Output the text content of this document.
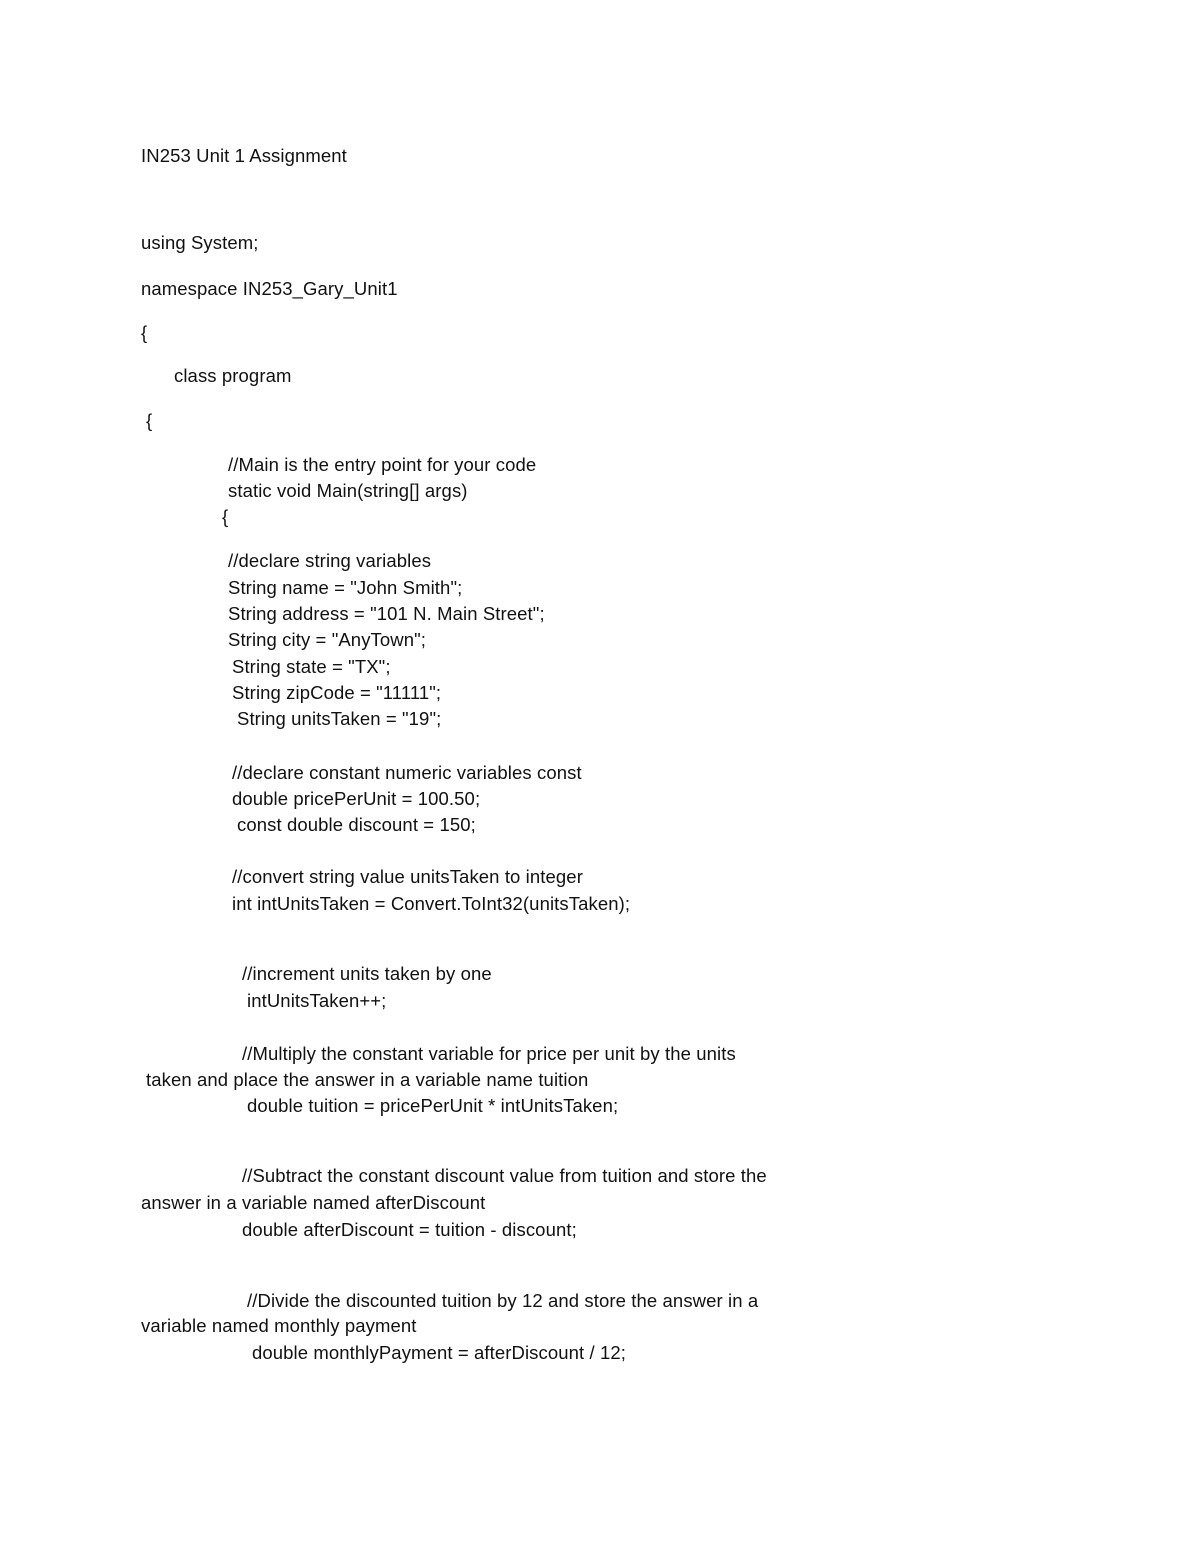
IN253 Unit 1 Assignment
using System;
namespace IN253_Gary_Unit1
{
class program
{
//Main is the entry point for your code
static void Main(string[] args)
{
//declare string variables
String name = "John Smith";
String address = "101 N. Main Street";
String city = "AnyTown";
String state = "TX";
String zipCode = "11111";
String unitsTaken = "19";
//declare constant numeric variables const
double pricePerUnit = 100.50;
const double discount = 150;
//convert string value unitsTaken to integer
int intUnitsTaken = Convert.ToInt32(unitsTaken);
//increment units taken by one
intUnitsTaken++;
//Multiply the constant variable for price per unit by the units
taken and place the answer in a variable name tuition
double tuition = pricePerUnit * intUnitsTaken;
//Subtract the constant discount value from tuition and store the
answer in a variable named afterDiscount
double afterDiscount = tuition - discount;
//Divide the discounted tuition by 12 and store the answer in a
variable named monthly payment
double monthlyPayment = afterDiscount / 12;
